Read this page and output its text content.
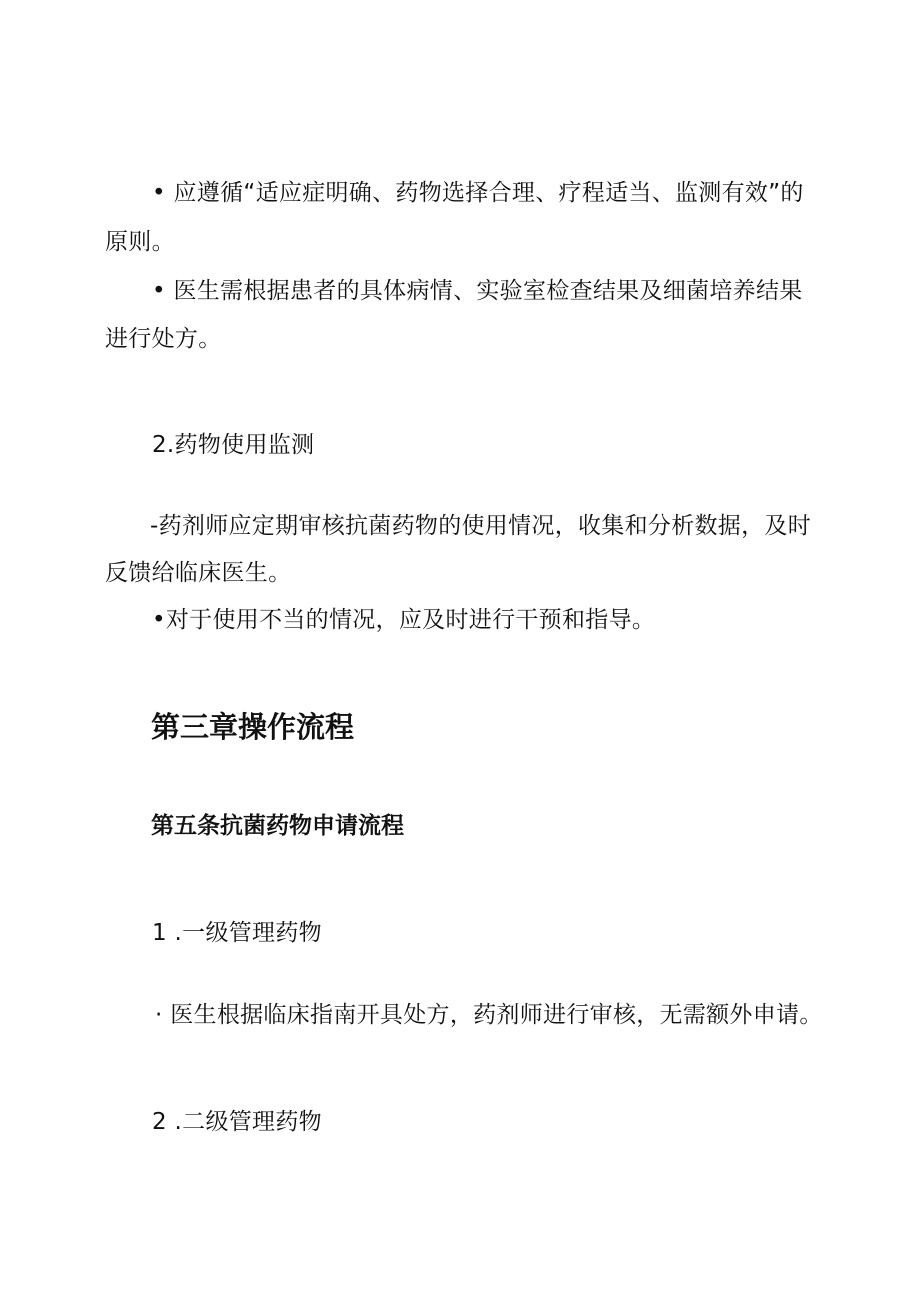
• 应遵循“适应症明确、药物选择合理、疗程适当、监测有效”的
原则。
• 医生需根据患者的具体病情、实验室检查结果及细菌培养结果
进行处方。
2.药物使用监测
-药剂师应定期审核抗菌药物的使用情况，收集和分析数据，及时
反馈给临床医生。
•对于使用不当的情况，应及时进行干预和指导。
第三章操作流程
第五条抗菌药物申请流程
1 .一级管理药物
· 医生根据临床指南开具处方，药剂师进行审核，无需额外申请。
2 .二级管理药物
